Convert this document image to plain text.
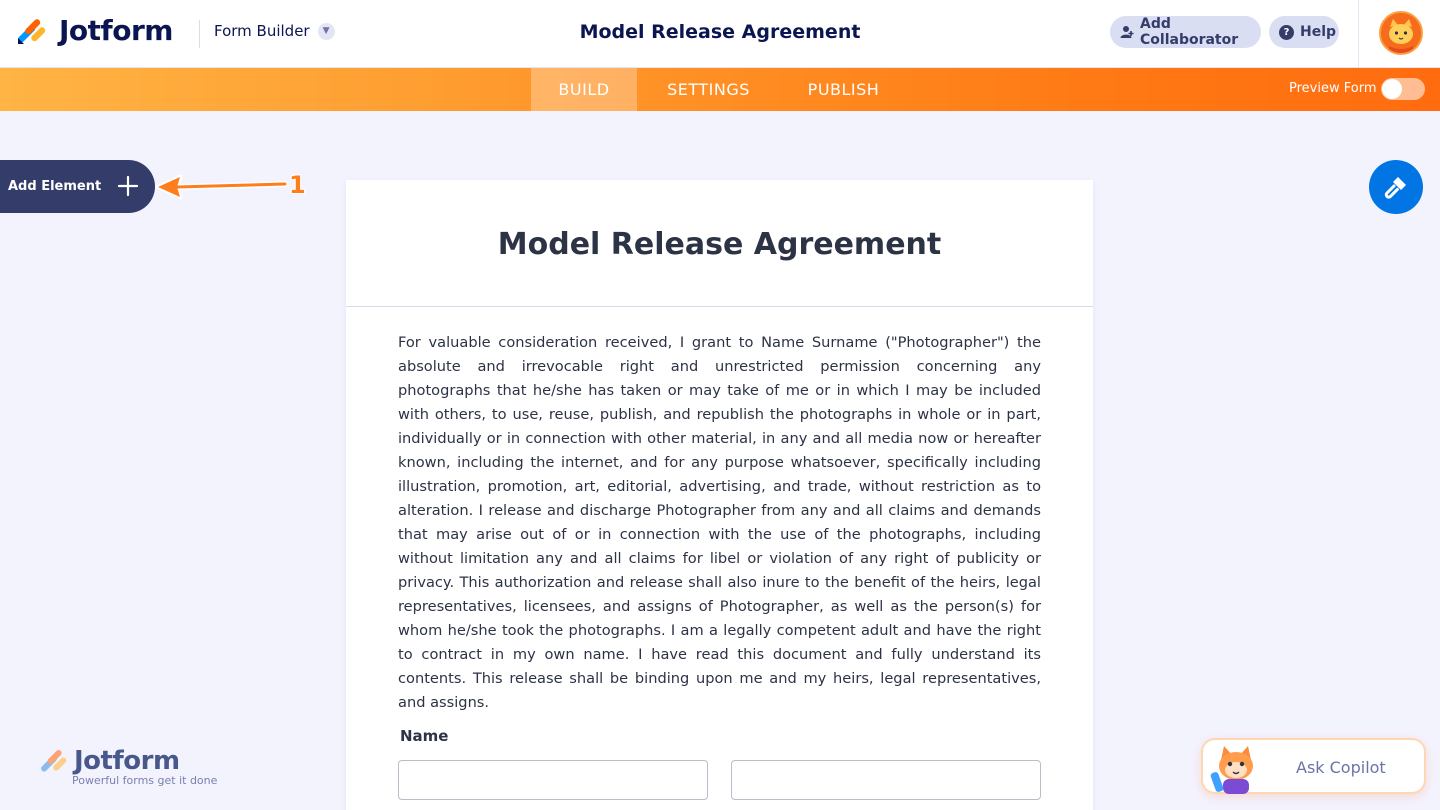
Jotform	Form Builder	▼	Model Release Agreement	Add Collaborator	? Help
BUILD	SETTINGS	PUBLISH	Preview Form
Add Element	1
Model Release Agreement

For valuable consideration received, I grant to Name Surname ("Photographer") the absolute and irrevocable right and unrestricted permission concerning any photographs that he/she has taken or may take of me or in which I may be included with others, to use, reuse, publish, and republish the photographs in whole or in part, individually or in connection with other material, in any and all media now or hereafter known, including the internet, and for any purpose whatsoever, specifically including illustration, promotion, art, editorial, advertising, and trade, without restriction as to alteration. I release and discharge Photographer from any and all claims and demands that may arise out of or in connection with the use of the photographs, including without limitation any and all claims for libel or violation of any right of publicity or privacy. This authorization and release shall also inure to the benefit of the heirs, legal representatives, licensees, and assigns of Photographer, as well as the person(s) for whom he/she took the photographs. I am a legally competent adult and have the right to contract in my own name. I have read this document and fully understand its contents. This release shall be binding upon me and my heirs, legal representatives, and assigns.

Name
Jotform
Powerful forms get it done
Ask Copilot
